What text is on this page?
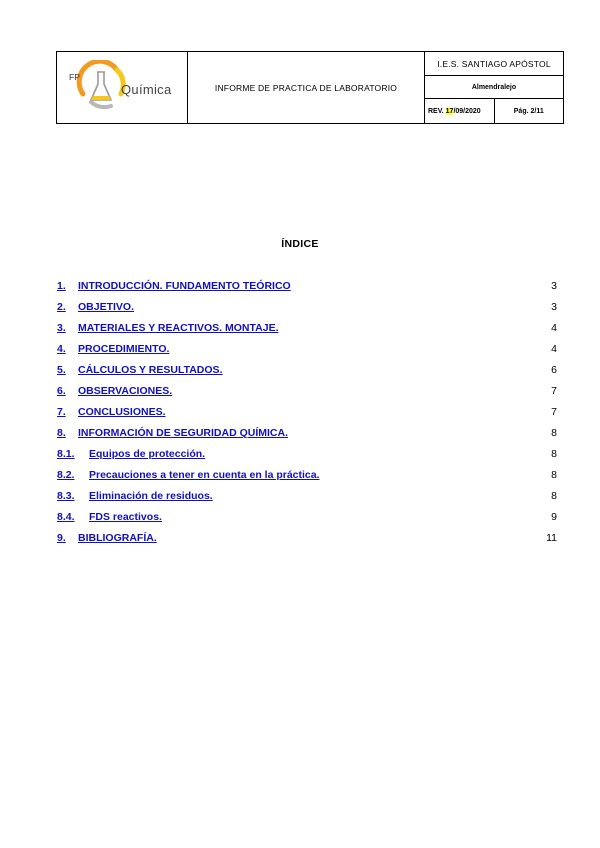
FP
Química	INFORME DE PRACTICA DE LABORATORIO	I.E.S. SANTIAGO APÓSTOL	
		Almendralejo	
		REV. 17/09/2020	Pág. 2/11
ÍNDICE
1. INTRODUCCIÓN. FUNDAMENTO TEÓRICO	3
2. OBJETIVO.	3
3. MATERIALES Y REACTIVOS. MONTAJE.	4
4. PROCEDIMIENTO.	4
5. CÁLCULOS Y RESULTADOS.	6
6. OBSERVACIONES.	7
7. CONCLUSIONES.	7
8. INFORMACIÓN DE SEGURIDAD QUÍMICA.	8
8.1. Equipos de protección.	8
8.2. Precauciones a tener en cuenta en la práctica.	8
8.3. Eliminación de residuos.	8
8.4. FDS reactivos.	9
9. BIBLIOGRAFÍA.	11
